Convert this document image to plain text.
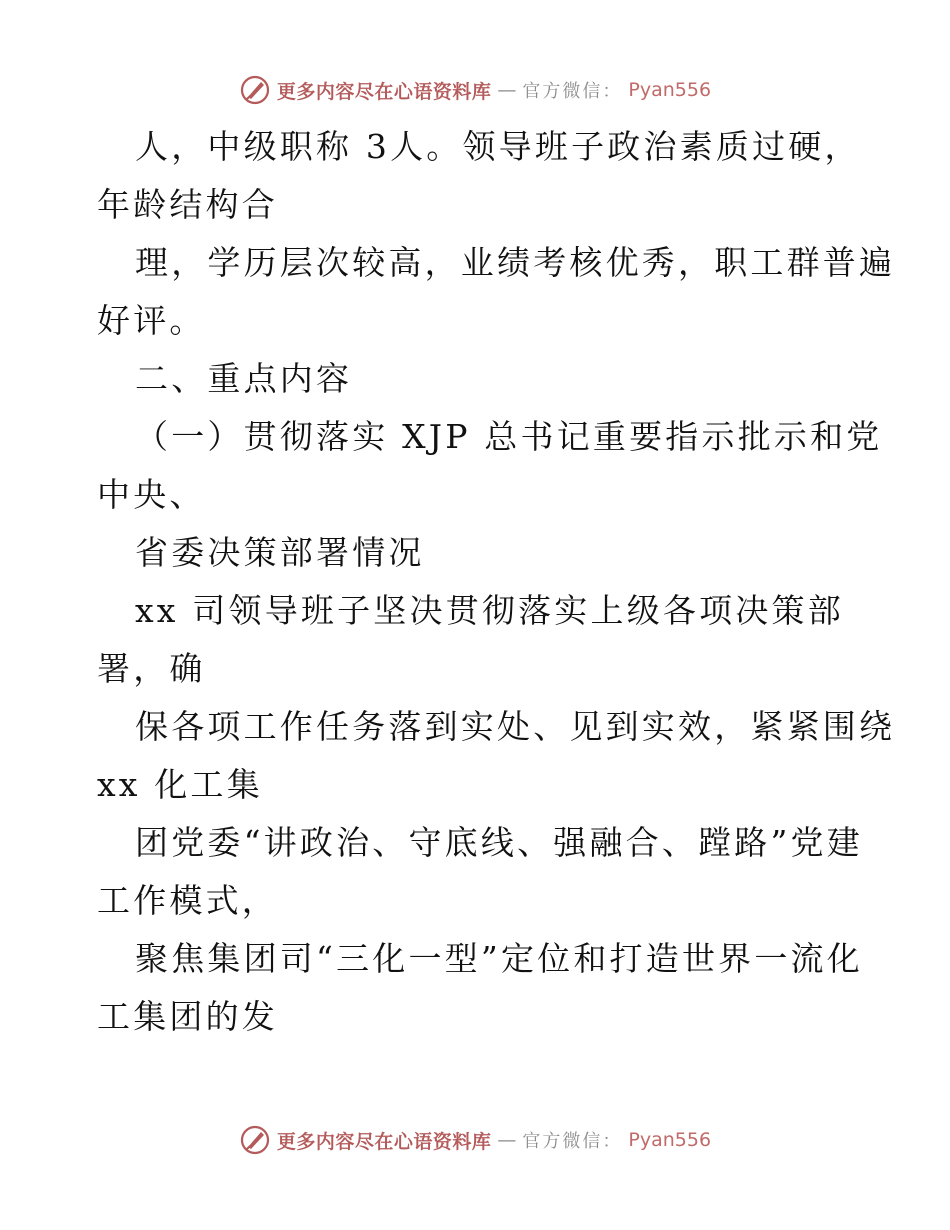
更多内容尽在心语资料库 — 官方微信： Pyan556
人，中级职称 3人。领导班子政治素质过硬，
年龄结构合
理，学历层次较高，业绩考核优秀，职工群普遍
好评。
二、重点内容
（一）贯彻落实 XJP 总书记重要指示批示和党
中央、
省委决策部署情况
xx 司领导班子坚决贯彻落实上级各项决策部
署，确
保各项工作任务落到实处、见到实效，紧紧围绕
xx 化工集
团党委“讲政治、守底线、强融合、蹚路”党建
工作模式，
聚焦集团司“三化一型”定位和打造世界一流化
工集团的发
更多内容尽在心语资料库 — 官方微信： Pyan556
